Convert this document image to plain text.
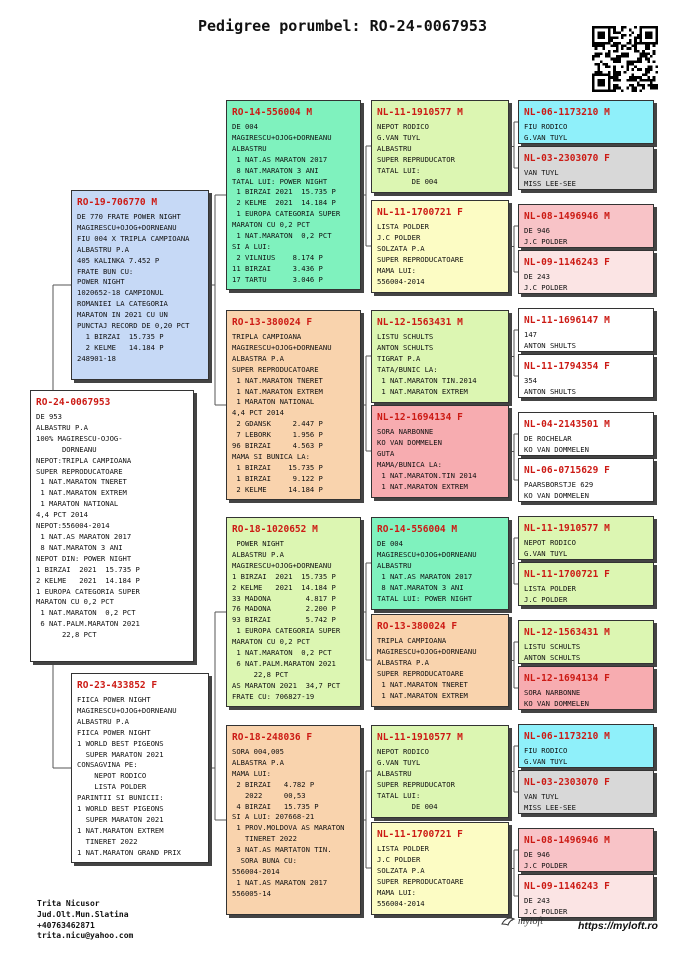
Pedigree porumbel: RO-24-0067953
RO-24-0067953
DE 953
ALBASTRU P.A
100% MAGIRESCU-OJOG-
DORNEANU
NEPOT:TRIPLA CAMPIOANA
SUPER REPRODUCATOARE
1 NAT.MARATON TNERET
1 NAT.MARATON EXTREM
1 MARATON NATIONAL
4,4 PCT 2014
NEPOT:556004-2014
1 NAT.AS MARATON 2017
8 NAT.MARATON 3 ANI
NEPOT DIN: POWER NIGHT
1 BIRZAI  2021  15.735 P
2 KELME   2021  14.184 P
1 EUROPA CATEGORIA SUPER
MARATON CU 0,2 PCT
1 NAT.MARATON  0,2 PCT
6 NAT.PALM.MARATON 2021
22,8 PCT
RO-19-706770 M
DE 770 FRATE POWER NIGHT
MAGIRESCU+OJOG+DORNEANU
FIU 004 X TRIPLA CAMPIOANA
ALBASTRU P.A
405 KALINKA 7.452 P
FRATE BUN CU:
POWER NIGHT
1020652-18 CAMPIONUL
ROMANIEI LA CATEGORIA
MARATON IN 2021 CU UN
PUNCTAJ RECORD DE 0,20 PCT
1 BIRZAI  15.735 P
2 KELME   14.184 P
248901-18
RO-23-433852 F
FIICA POWER NIGHT
MAGIRESCU+OJOG+DORNEANU
ALBASTRU P.A
FIICA POWER NIGHT
1 WORLD BEST PIGEONS
SUPER MARATON 2021
CONSAGVINA PE:
NEPOT RODICO
LISTA POLDER
PARINTII SI BUNICII:
1 WORLD BEST PIGEONS
SUPER MARATON 2021
1 NAT.MARATON EXTREM
TINERET 2022
1 NAT.MARATON GRAND PRIX
RO-14-556004 M
DE 004
MAGIRESCU+OJOG+DORNEANU
ALBASTRU
1 NAT.AS MARATON 2017
8 NAT.MARATON 3 ANI
TATAL LUI: POWER NIGHT
1 BIRZAI 2021  15.735 P
2 KELME  2021  14.184 P
1 EUROPA CATEGORIA SUPER
MARATON CU 0,2 PCT
1 NAT.MARATON  0,2 PCT
SI A LUI:
2 VILNIUS    8.174 P
11 BIRZAI     3.436 P
17 TARTU      3.046 P
RO-13-380024 F
TRIPLA CAMPIOANA
MAGIRESCU+OJOG+DORNEANU
ALBASTRA P.A
SUPER REPRODUCATOARE
1 NAT.MARATON TNERET
1 NAT.MARATON EXTREM
1 MARATON NATIONAL
4,4 PCT 2014
2 GDANSK     2.447 P
7 LEBORK     1.956 P
96 BIRZAI     4.563 P
MAMA SI BUNICA LA:
1 BIRZAI    15.735 P
1 BIRZAI     9.122 P
2 KELME     14.184 P
RO-18-1020652 M
POWER NIGHT
ALBASTRU P.A
MAGIRESCU+OJOG+DORNEANU
1 BIRZAI  2021  15.735 P
2 KELME   2021  14.184 P
33 MADONA        4.817 P
76 MADONA        2.200 P
93 BIRZAI        5.742 P
1 EUROPA CATEGORIA SUPER
MARATON CU 0,2 PCT
1 NAT.MARATON  0,2 PCT
6 NAT.PALM.MARATON 2021
22,8 PCT
AS MARATON 2021  34,7 PCT
FRATE CU: 706827-19
RO-18-248036 F
SORA 004,005
ALBASTRA P.A
MAMA LUI:
2 BIRZAI   4.782 P
2022     00,53
4 BIRZAI   15.735 P
SI A LUI: 207668-21
1 PROV.MOLDOVA AS MARATON
TINERET 2022
3 NAT.AS MARTATON TIN.
SORA BUNA CU:
556004-2014
1 NAT.AS MARATON 2017
556005-14
NL-11-1910577 M
NEPOT RODICO
G.VAN TUYL
ALBASTRU
SUPER REPRUDUCATOR
TATAL LUI:
DE 004
NL-11-1700721 F
LISTA POLDER
J.C POLDER
SOLZATA P.A
SUPER REPRODUCATOARE
MAMA LUI:
556004-2014
NL-12-1563431 M
LISTU SCHULTS
ANTON SCHULTS
TIGRAT P.A
TATA/BUNIC LA:
1 NAT.MARATON TIN.2014
1 NAT.MARATON EXTREM
NL-12-1694134 F
SORA NARBONNE
KO VAN DOMMELEN
GUTA
MAMA/BUNICA LA:
1 NAT.MARATON.TIN 2014
1 NAT.MARATON EXTREM
RO-14-556004 M
DE 004
MAGIRESCU+OJOG+DORNEANU
ALBASTRU
1 NAT.AS MARATON 2017
8 NAT.MARATON 3 ANI
TATAL LUI: POWER NIGHT
RO-13-380024 F
TRIPLA CAMPIOANA
MAGIRESCU+OJOG+DORNEANU
ALBASTRA P.A
SUPER REPRODUCATOARE
1 NAT.MARATON TNERET
1 NAT.MARATON EXTREM
NL-11-1910577 M
NEPOT RODICO
G.VAN TUYL
ALBASTRU
SUPER REPRUDUCATOR
TATAL LUI:
DE 004
NL-11-1700721 F
LISTA POLDER
J.C POLDER
SOLZATA P.A
SUPER REPRODUCATOARE
MAMA LUI:
556004-2014
NL-06-1173210 M
FIU RODICO
G.VAN TUYL
NL-03-2303070 F
VAN TUYL
MISS LEE-SEE
NL-08-1496946 M
DE 946
J.C POLDER
NL-09-1146243 F
DE 243
J.C POLDER
NL-11-1696147 M
147
ANTON SHULTS
NL-11-1794354 F
354
ANTON SHULTS
NL-04-2143501 M
DE ROCHELAR
KO VAN DOMMELEN
NL-06-0715629 F
PAARSBORSTJE 629
KO VAN DOMMELEN
NL-11-1910577 M
NEPOT RODICO
G.VAN TUYL
NL-11-1700721 F
LISTA POLDER
J.C POLDER
NL-12-1563431 M
LISTU SCHULTS
ANTON SCHULTS
NL-12-1694134 F
SORA NARBONNE
KO VAN DOMMELEN
NL-06-1173210 M
FIU RODICO
G.VAN TUYL
NL-03-2303070 F
VAN TUYL
MISS LEE-SEE
NL-08-1496946 M
DE 946
J.C POLDER
NL-09-1146243 F
DE 243
J.C POLDER
Trita Nicusor
Jud.Olt.Mun.Slatina
+40763462871
trita.nicu@yahoo.com
myloft	https://myloft.ro
